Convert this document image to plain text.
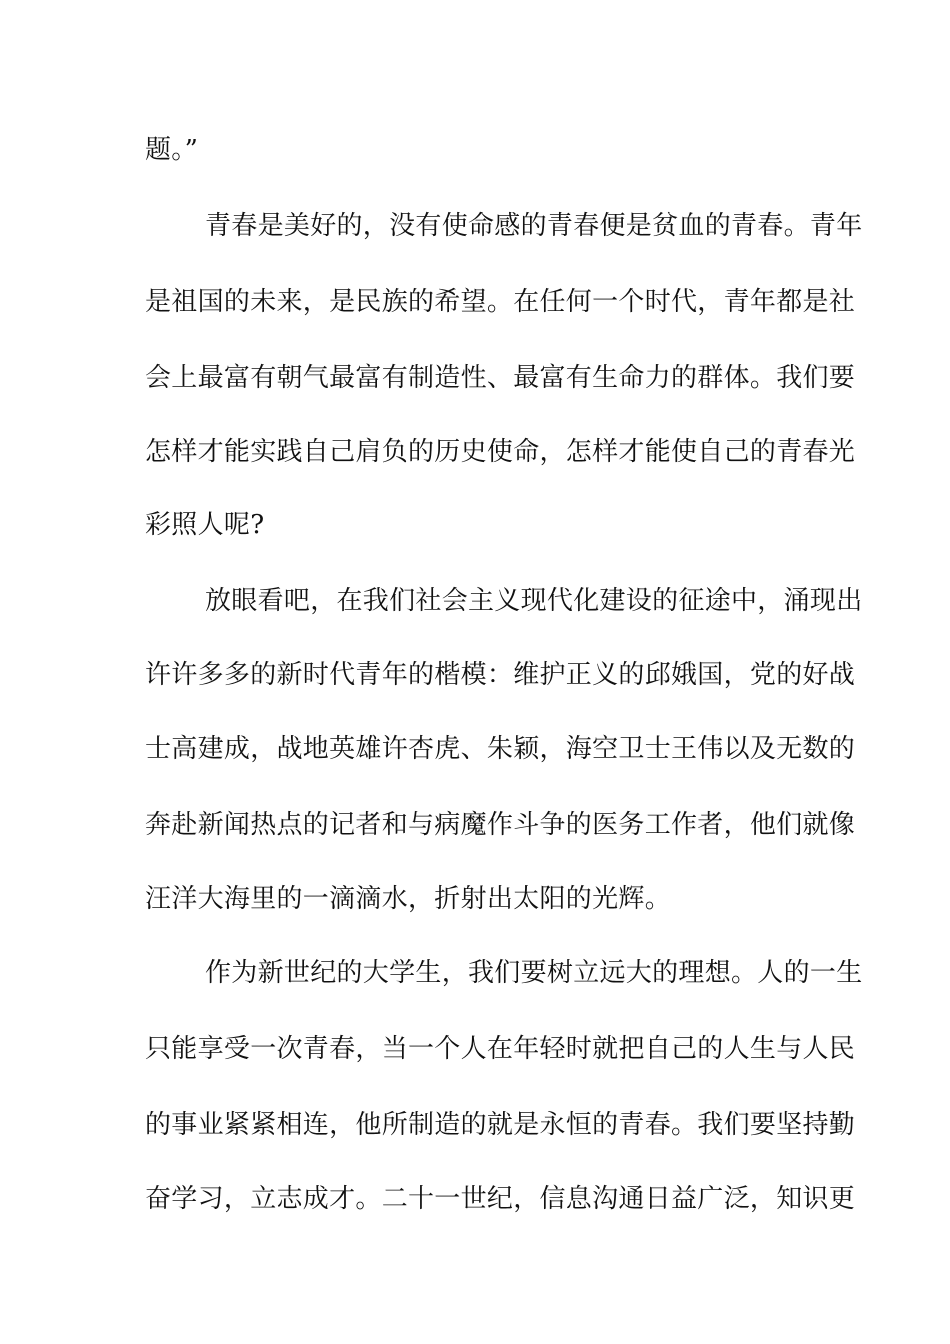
题。”
青春是美好的，没有使命感的青春便是贫血的青春。青年
是祖国的未来，是民族的希望。在任何一个时代，青年都是社
会上最富有朝气最富有制造性、最富有生命力的群体。我们要
怎样才能实践自己肩负的历史使命，怎样才能使自己的青春光
彩照人呢?
放眼看吧，在我们社会主义现代化建设的征途中，涌现出
许许多多的新时代青年的楷模：维护正义的邱娥国，党的好战
士高建成，战地英雄许杏虎、朱颖，海空卫士王伟以及无数的
奔赴新闻热点的记者和与病魔作斗争的医务工作者，他们就像
汪洋大海里的一滴滴水，折射出太阳的光辉。
作为新世纪的大学生，我们要树立远大的理想。人的一生
只能享受一次青春，当一个人在年轻时就把自己的人生与人民
的事业紧紧相连，他所制造的就是永恒的青春。我们要坚持勤
奋学习，立志成才。二十一世纪，信息沟通日益广泛，知识更
